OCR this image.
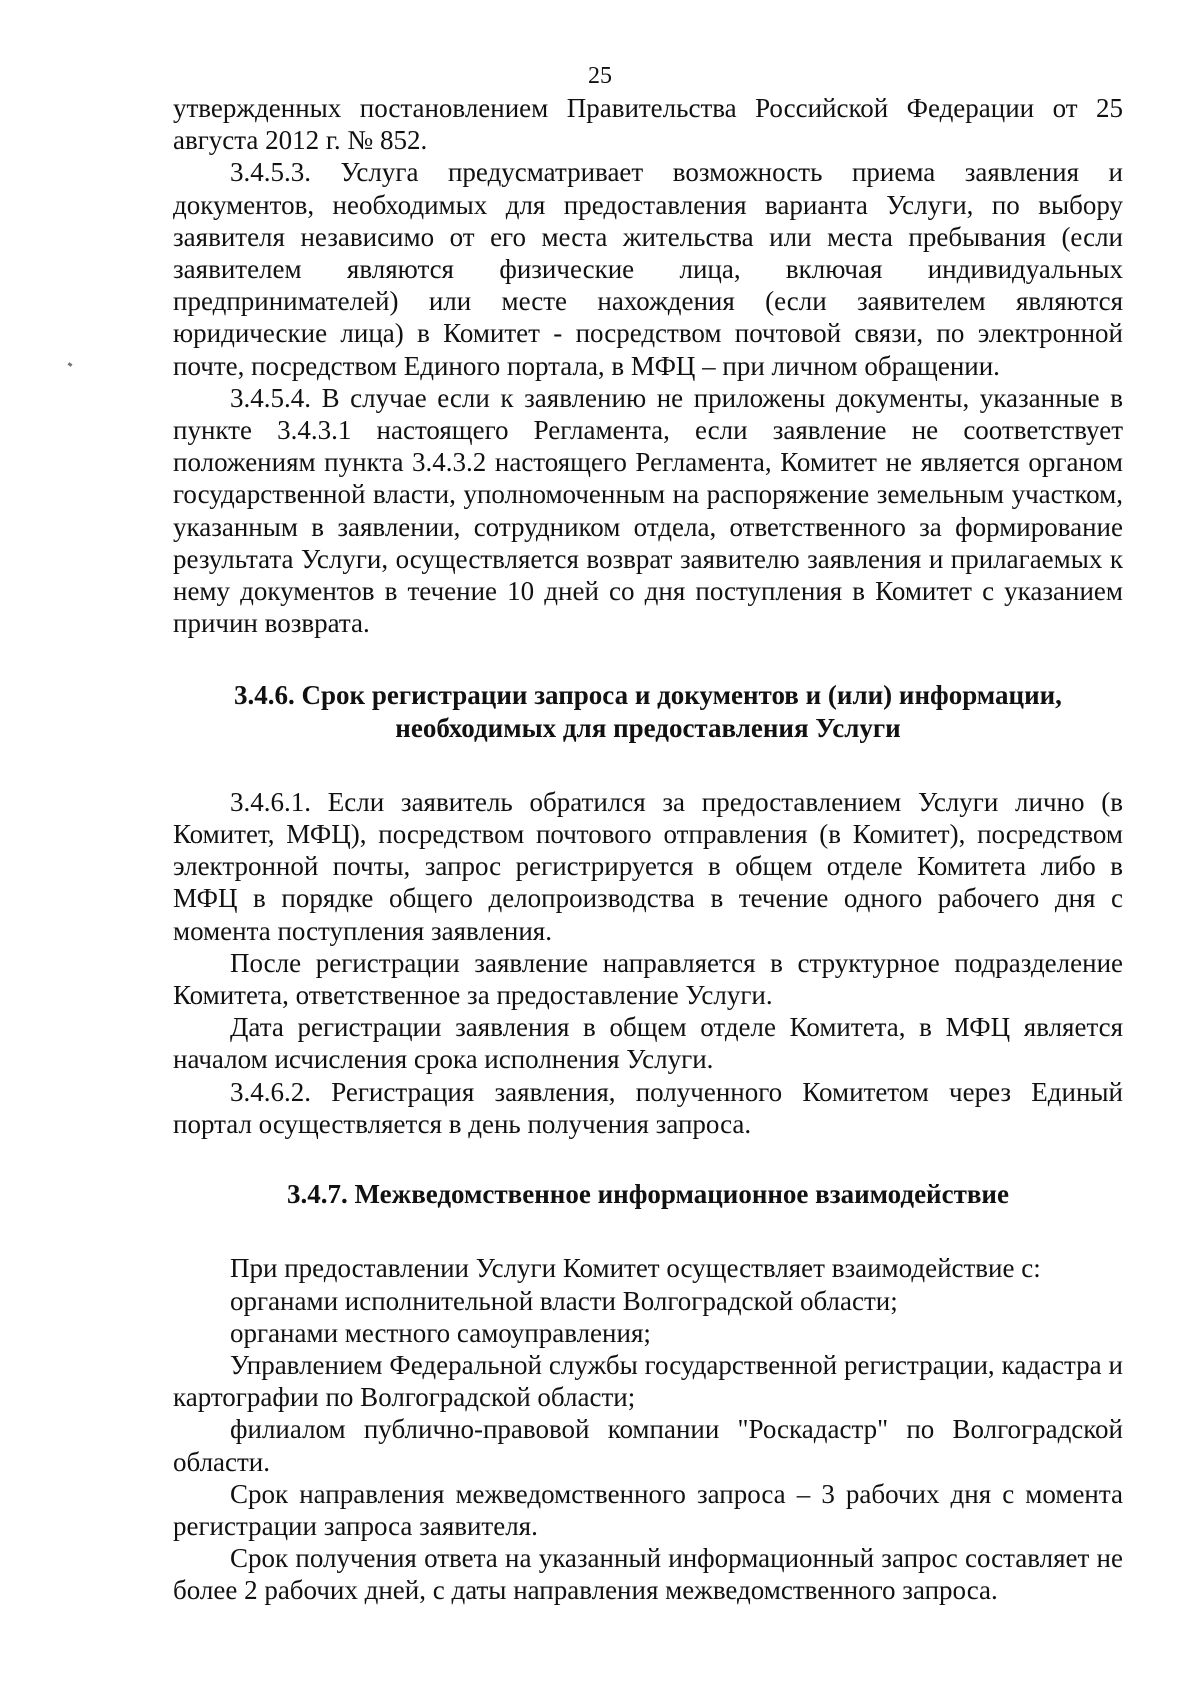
25

утвержденных постановлением Правительства Российской Федерации от 25 августа 2012 г. № 852.

3.4.5.3. Услуга предусматривает возможность приема заявления и документов, необходимых для предоставления варианта Услуги, по выбору заявителя независимо от его места жительства или места пребывания (если заявителем являются физические лица, включая индивидуальных предпринимателей) или месте нахождения (если заявителем являются юридические лица) в Комитет - посредством почтовой связи, по электронной почте, посредством Единого портала, в МФЦ – при личном обращении.

3.4.5.4. В случае если к заявлению не приложены документы, указанные в пункте 3.4.3.1 настоящего Регламента, если заявление не соответствует положениям пункта 3.4.3.2 настоящего Регламента, Комитет не является органом государственной власти, уполномоченным на распоряжение земельным участком, указанным в заявлении, сотрудником отдела, ответственного за формирование результата Услуги, осуществляется возврат заявителю заявления и прилагаемых к нему документов в течение 10 дней со дня поступления в Комитет с указанием причин возврата.

3.4.6. Срок регистрации запроса и документов и (или) информации,
необходимых для предоставления Услуги

3.4.6.1. Если заявитель обратился за предоставлением Услуги лично (в Комитет, МФЦ), посредством почтового отправления (в Комитет), посредством электронной почты, запрос регистрируется в общем отделе Комитета либо в МФЦ в порядке общего делопроизводства в течение одного рабочего дня с момента поступления заявления.

После регистрации заявление направляется в структурное подразделение Комитета, ответственное за предоставление Услуги.

Дата регистрации заявления в общем отделе Комитета, в МФЦ является началом исчисления срока исполнения Услуги.

3.4.6.2. Регистрация заявления, полученного Комитетом через Единый портал осуществляется в день получения запроса.

3.4.7. Межведомственное информационное взаимодействие

При предоставлении Услуги Комитет осуществляет взаимодействие с:

органами исполнительной власти Волгоградской области;

органами местного самоуправления;

Управлением Федеральной службы государственной регистрации, кадастра и картографии по Волгоградской области;

филиалом публично-правовой компании "Роскадастр" по Волгоградской области.

Срок направления межведомственного запроса – 3 рабочих дня с момента регистрации запроса заявителя.

Срок получения ответа на указанный информационный запрос составляет не более 2 рабочих дней, с даты направления межведомственного запроса.
